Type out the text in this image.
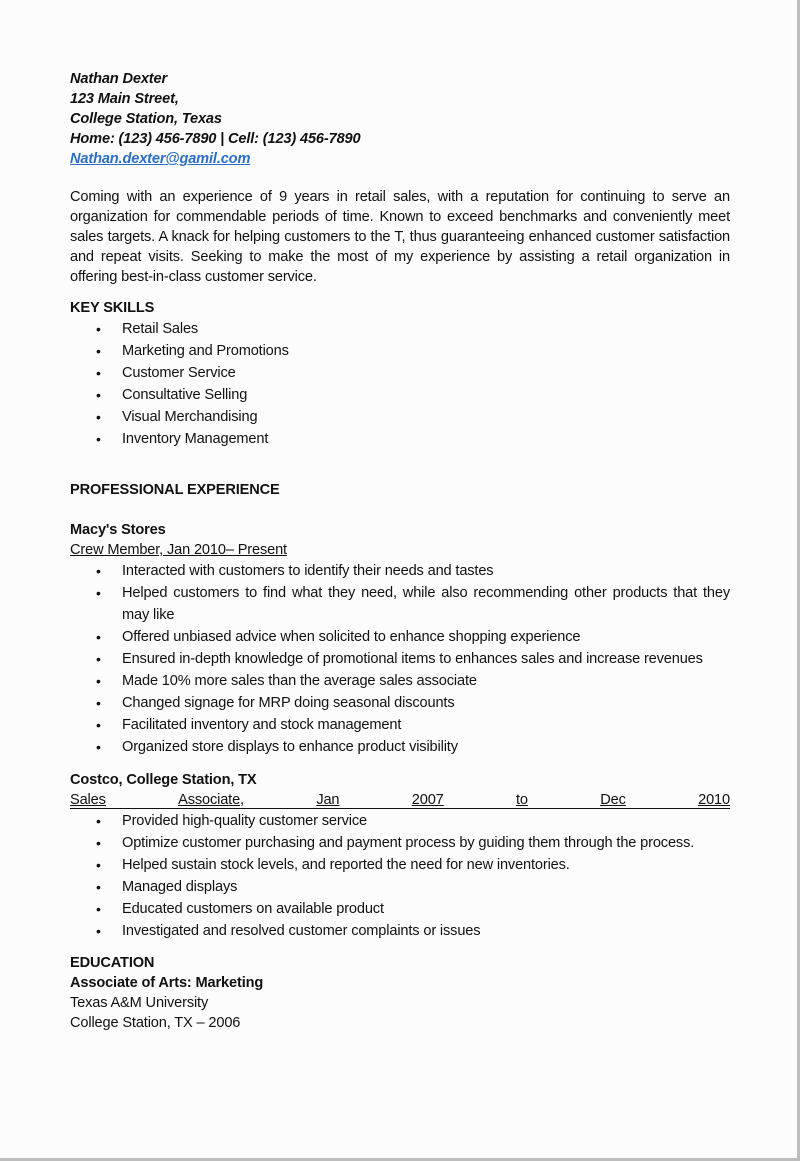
Nathan Dexter
123 Main Street,
College Station, Texas
Home: (123) 456-7890 | Cell: (123) 456-7890
Nathan.dexter@gamil.com
Coming with an experience of 9 years in retail sales, with a reputation for continuing to serve an organization for commendable periods of time. Known to exceed benchmarks and conveniently meet sales targets. A knack for helping customers to the T, thus guaranteeing enhanced customer satisfaction and repeat visits. Seeking to make the most of my experience by assisting a retail organization in offering best-in-class customer service.
KEY SKILLS
• Retail Sales
• Marketing and Promotions
• Customer Service
• Consultative Selling
• Visual Merchandising
• Inventory Management
PROFESSIONAL EXPERIENCE
Macy's Stores
Crew Member, Jan 2010– Present
• Interacted with customers to identify their needs and tastes
• Helped customers to find what they need, while also recommending other products that they may like
• Offered unbiased advice when solicited to enhance shopping experience
• Ensured in-depth knowledge of promotional items to enhances sales and increase revenues
• Made 10% more sales than the average sales associate
• Changed signage for MRP doing seasonal discounts
• Facilitated inventory and stock management
• Organized store displays to enhance product visibility
Costco, College Station, TX
Sales	Associate,	Jan	2007	to	Dec	2010
• Provided high-quality customer service
• Optimize customer purchasing and payment process by guiding them through the process.
• Helped sustain stock levels, and reported the need for new inventories.
• Managed displays
• Educated customers on available product
• Investigated and resolved customer complaints or issues
EDUCATION
Associate of Arts: Marketing
Texas A&M University
College Station, TX – 2006
